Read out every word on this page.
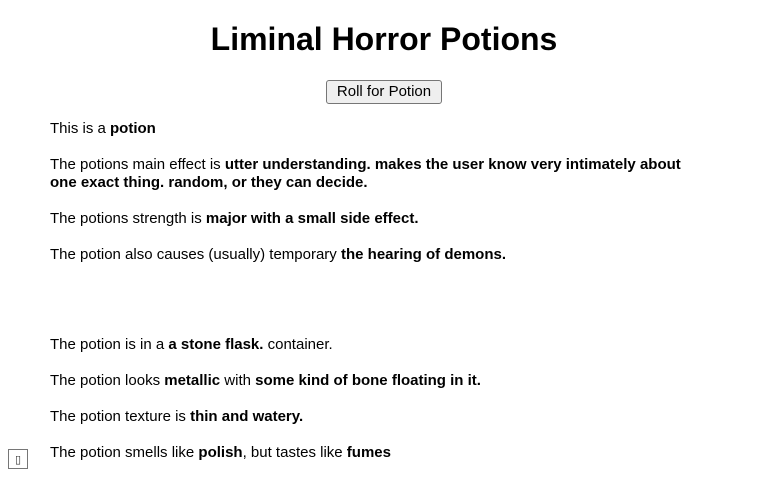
Liminal Horror Potions
Roll for Potion

This is a potion

The potions main effect is utter understanding. makes the user know very intimately about one exact thing. random, or they can decide.

The potions strength is major with a small side effect.

The potion also causes (usually) temporary the hearing of demons.

The potion is in a a stone flask. container.

The potion looks metallic with some kind of bone floating in it.

The potion texture is thin and watery.

The potion smells like polish, but tastes like fumes

▯
